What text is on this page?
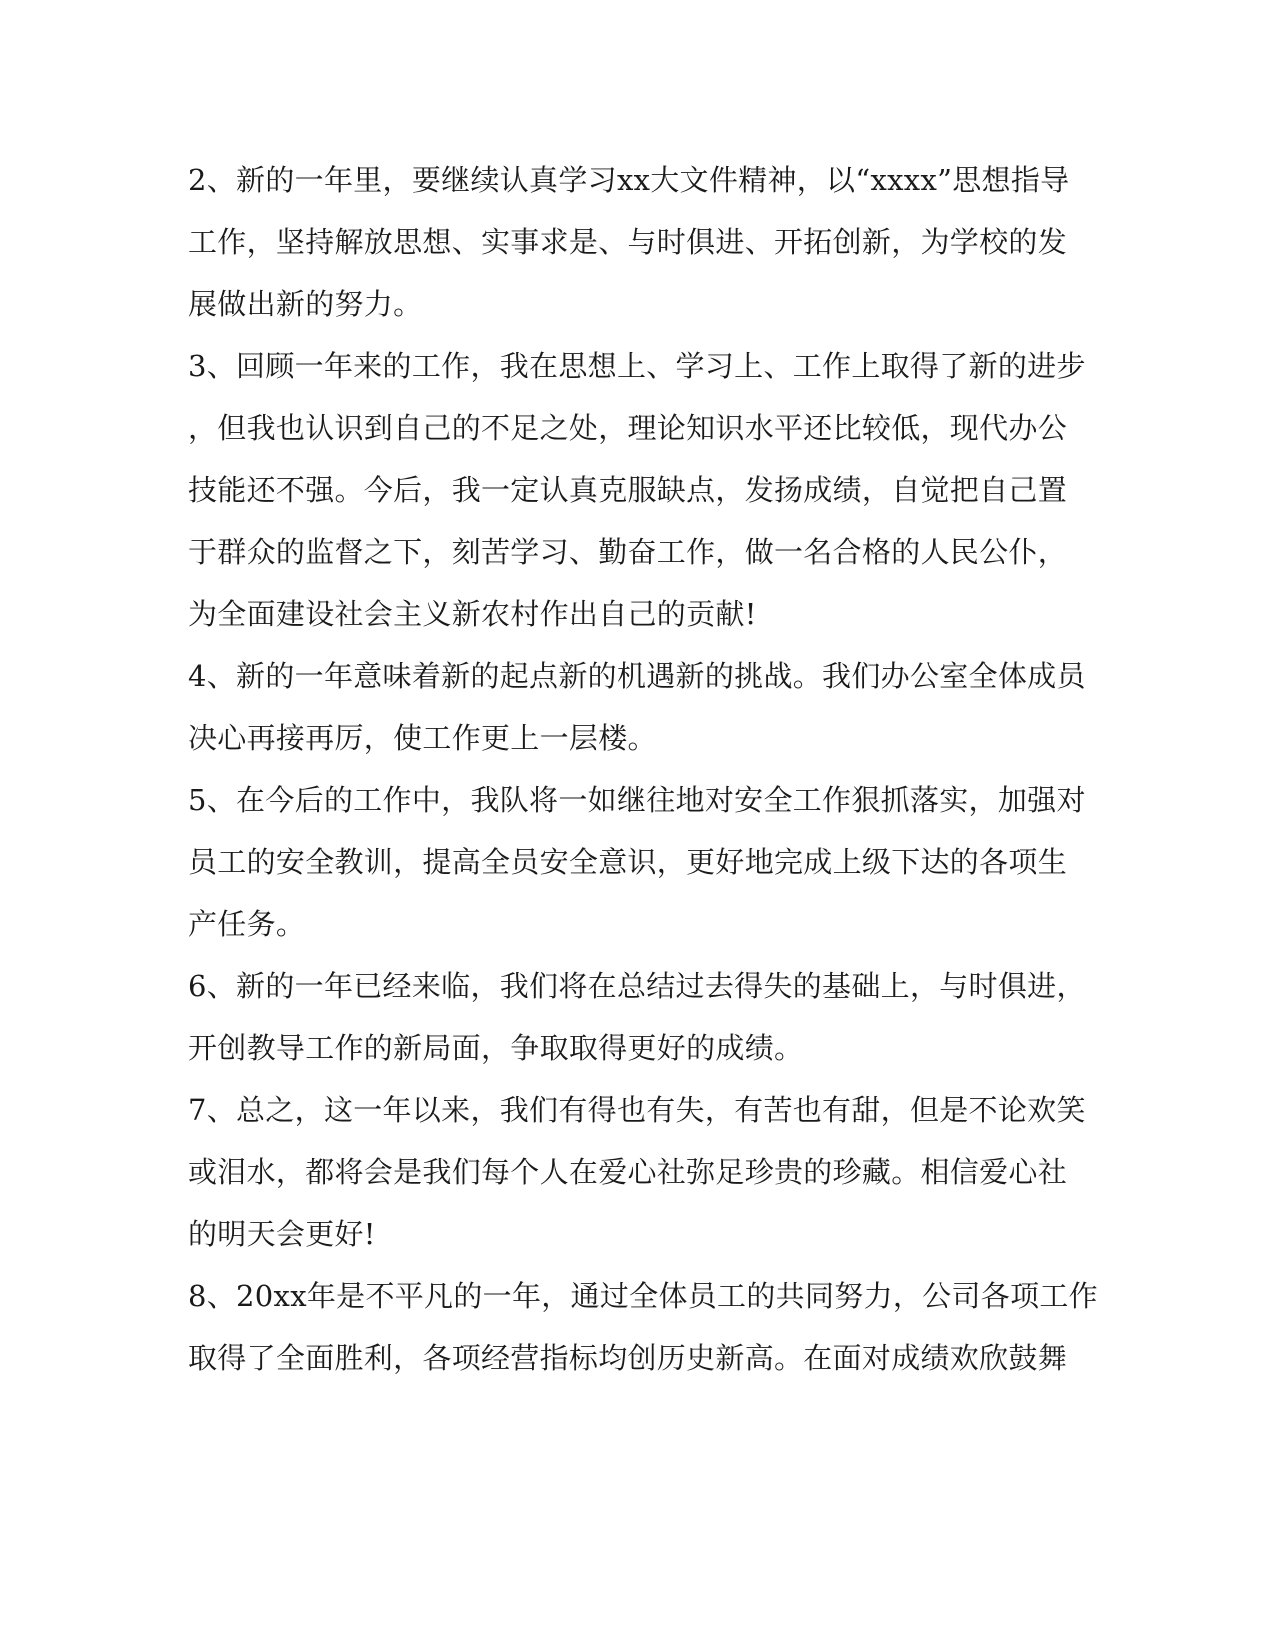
2、新的一年里，要继续认真学习xx大文件精神，以“xxxx”思想指导
工作，坚持解放思想、实事求是、与时俱进、开拓创新，为学校的发
展做出新的努力。
3、回顾一年来的工作，我在思想上、学习上、工作上取得了新的进步
，但我也认识到自己的不足之处，理论知识水平还比较低，现代办公
技能还不强。今后，我一定认真克服缺点，发扬成绩，自觉把自己置
于群众的监督之下，刻苦学习、勤奋工作，做一名合格的人民公仆，
为全面建设社会主义新农村作出自己的贡献!
4、新的一年意味着新的起点新的机遇新的挑战。我们办公室全体成员
决心再接再厉，使工作更上一层楼。
5、在今后的工作中，我队将一如继往地对安全工作狠抓落实，加强对
员工的安全教训，提高全员安全意识，更好地完成上级下达的各项生
产任务。
6、新的一年已经来临，我们将在总结过去得失的基础上，与时俱进，
开创教导工作的新局面，争取取得更好的成绩。
7、总之，这一年以来，我们有得也有失，有苦也有甜，但是不论欢笑
或泪水，都将会是我们每个人在爱心社弥足珍贵的珍藏。相信爱心社
的明天会更好!
8、20xx年是不平凡的一年，通过全体员工的共同努力，公司各项工作
取得了全面胜利，各项经营指标均创历史新高。在面对成绩欢欣鼓舞
